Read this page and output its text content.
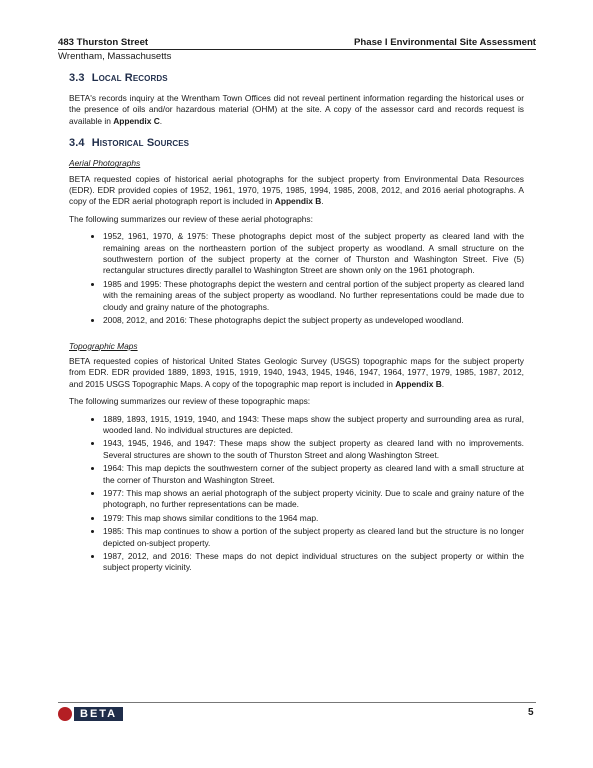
483 Thurston Street	Phase I Environmental Site Assessment
Wrentham, Massachusetts
3.3 Local Records

BETA's records inquiry at the Wrentham Town Offices did not reveal pertinent information regarding the historical uses or the presence of oils and/or hazardous material (OHM) at the site. A copy of the assessor card and records request is available in Appendix C.

3.4 Historical Sources
Aerial Photographs

BETA requested copies of historical aerial photographs for the subject property from Environmental Data Resources (EDR). EDR provided copies of 1952, 1961, 1970, 1975, 1985, 1994, 1985, 2008, 2012, and 2016 aerial photographs. A copy of the EDR aerial photograph report is included in Appendix B.

The following summarizes our review of these aerial photographs:

• 1952, 1961, 1970, & 1975: These photographs depict most of the subject property as cleared land with the remaining areas on the northeastern portion of the subject property as woodland. A small structure on the southwestern portion of the subject property at the corner of Thurston and Washington Street. Five (5) rectangular structures directly parallel to Washington Street are shown only on the 1961 photograph.
• 1985 and 1995: These photographs depict the western and central portion of the subject property as cleared land with the remaining areas of the subject property as woodland. No further representations could be made due to cloudy and grainy nature of the photographs.
• 2008, 2012, and 2016: These photographs depict the subject property as undeveloped woodland.
Topographic Maps

BETA requested copies of historical United States Geologic Survey (USGS) topographic maps for the subject property from EDR. EDR provided 1889, 1893, 1915, 1919, 1940, 1943, 1945, 1946, 1947, 1964, 1977, 1979, 1985, 1987, 2012, and 2015 USGS Topographic Maps. A copy of the topographic map report is included in Appendix B.

The following summarizes our review of these topographic maps:

• 1889, 1893, 1915, 1919, 1940, and 1943: These maps show the subject property and surrounding area as rural, wooded land. No individual structures are depicted.
• 1943, 1945, 1946, and 1947: These maps show the subject property as cleared land with no improvements. Several structures are shown to the south of Thurston Street and along Washington Street.
• 1964: This map depicts the southwestern corner of the subject property as cleared land with a small structure at the corner of Thurston and Washington Street.
• 1977: This map shows an aerial photograph of the subject property vicinity. Due to scale and grainy nature of the photograph, no further representations can be made.
• 1979: This map shows similar conditions to the 1964 map.
• 1985: This map continues to show a portion of the subject property as cleared land but the structure is no longer depicted on-subject property.
• 1987, 2012, and 2016: These maps do not depict individual structures on the subject property or within the subject property vicinity.
BETA	5
